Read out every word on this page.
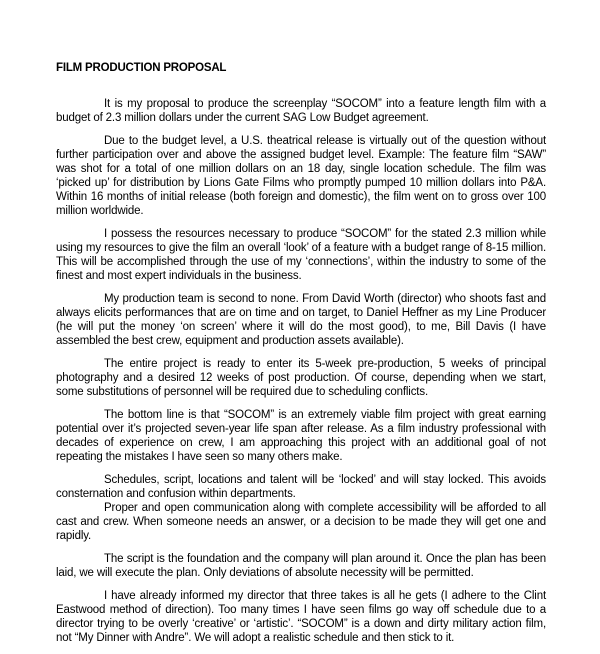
FILM PRODUCTION PROPOSAL

It is my proposal to produce the screenplay “SOCOM” into a feature length film with a budget of 2.3 million dollars under the current SAG Low Budget agreement.

Due to the budget level, a U.S. theatrical release is virtually out of the question without further participation over and above the assigned budget level. Example: The feature film “SAW” was shot for a total of one million dollars on an 18 day, single location schedule. The film was ‘picked up’ for distribution by Lions Gate Films who promptly pumped 10 million dollars into P&A. Within 16 months of initial release (both foreign and domestic), the film went on to gross over 100 million worldwide.

I possess the resources necessary to produce “SOCOM” for the stated 2.3 million while using my resources to give the film an overall ‘look’ of a feature with a budget range of 8-15 million. This will be accomplished through the use of my ‘connections’, within the industry to some of the finest and most expert individuals in the business.

My production team is second to none. From David Worth (director) who shoots fast and always elicits performances that are on time and on target, to Daniel Heffner as my Line Producer (he will put the money ‘on screen’ where it will do the most good), to me, Bill Davis (I have assembled the best crew, equipment and production assets available).

The entire project is ready to enter its 5-week pre-production, 5 weeks of principal photography and a desired 12 weeks of post production. Of course, depending when we start, some substitutions of personnel will be required due to scheduling conflicts.

The bottom line is that “SOCOM” is an extremely viable film project with great earning potential over it’s projected seven-year life span after release. As a film industry professional with decades of experience on crew, I am approaching this project with an additional goal of not repeating the mistakes I have seen so many others make.

Schedules, script, locations and talent will be ‘locked’ and will stay locked. This avoids consternation and confusion within departments.

Proper and open communication along with complete accessibility will be afforded to all cast and crew. When someone needs an answer, or a decision to be made they will get one and rapidly.

The script is the foundation and the company will plan around it. Once the plan has been laid, we will execute the plan. Only deviations of absolute necessity will be permitted.

I have already informed my director that three takes is all he gets (I adhere to the Clint Eastwood method of direction). Too many times I have seen films go way off schedule due to a director trying to be overly ‘creative’ or ‘artistic’. “SOCOM” is a down and dirty military action film, not “My Dinner with Andre”. We will adopt a realistic schedule and then stick to it.
